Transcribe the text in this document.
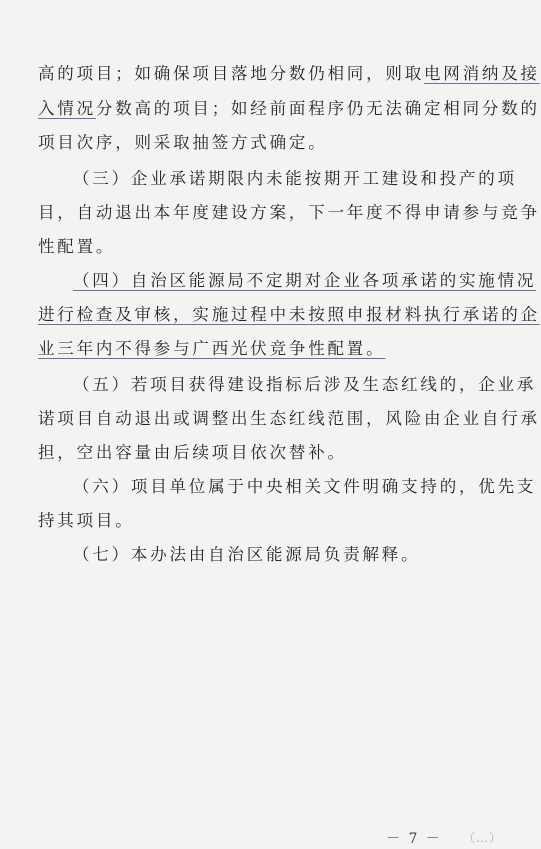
高的项目；如确保项目落地分数仍相同，则取电网消纳及接
入情况分数高的项目；如经前面程序仍无法确定相同分数的
项目次序，则采取抽签方式确定。
（三）企业承诺期限内未能按期开工建设和投产的项
目，自动退出本年度建设方案，下一年度不得申请参与竞争
性配置。
（四）自治区能源局不定期对企业各项承诺的实施情况
进行检查及审核，实施过程中未按照申报材料执行承诺的企
业三年内不得参与广西光伏竞争性配置。
（五）若项目获得建设指标后涉及生态红线的，企业承
诺项目自动退出或调整出生态红线范围，风险由企业自行承
担，空出容量由后续项目依次替补。
（六）项目单位属于中央相关文件明确支持的，优先支
持其项目。
（七）本办法由自治区能源局负责解释。
－ 7 － （…）
